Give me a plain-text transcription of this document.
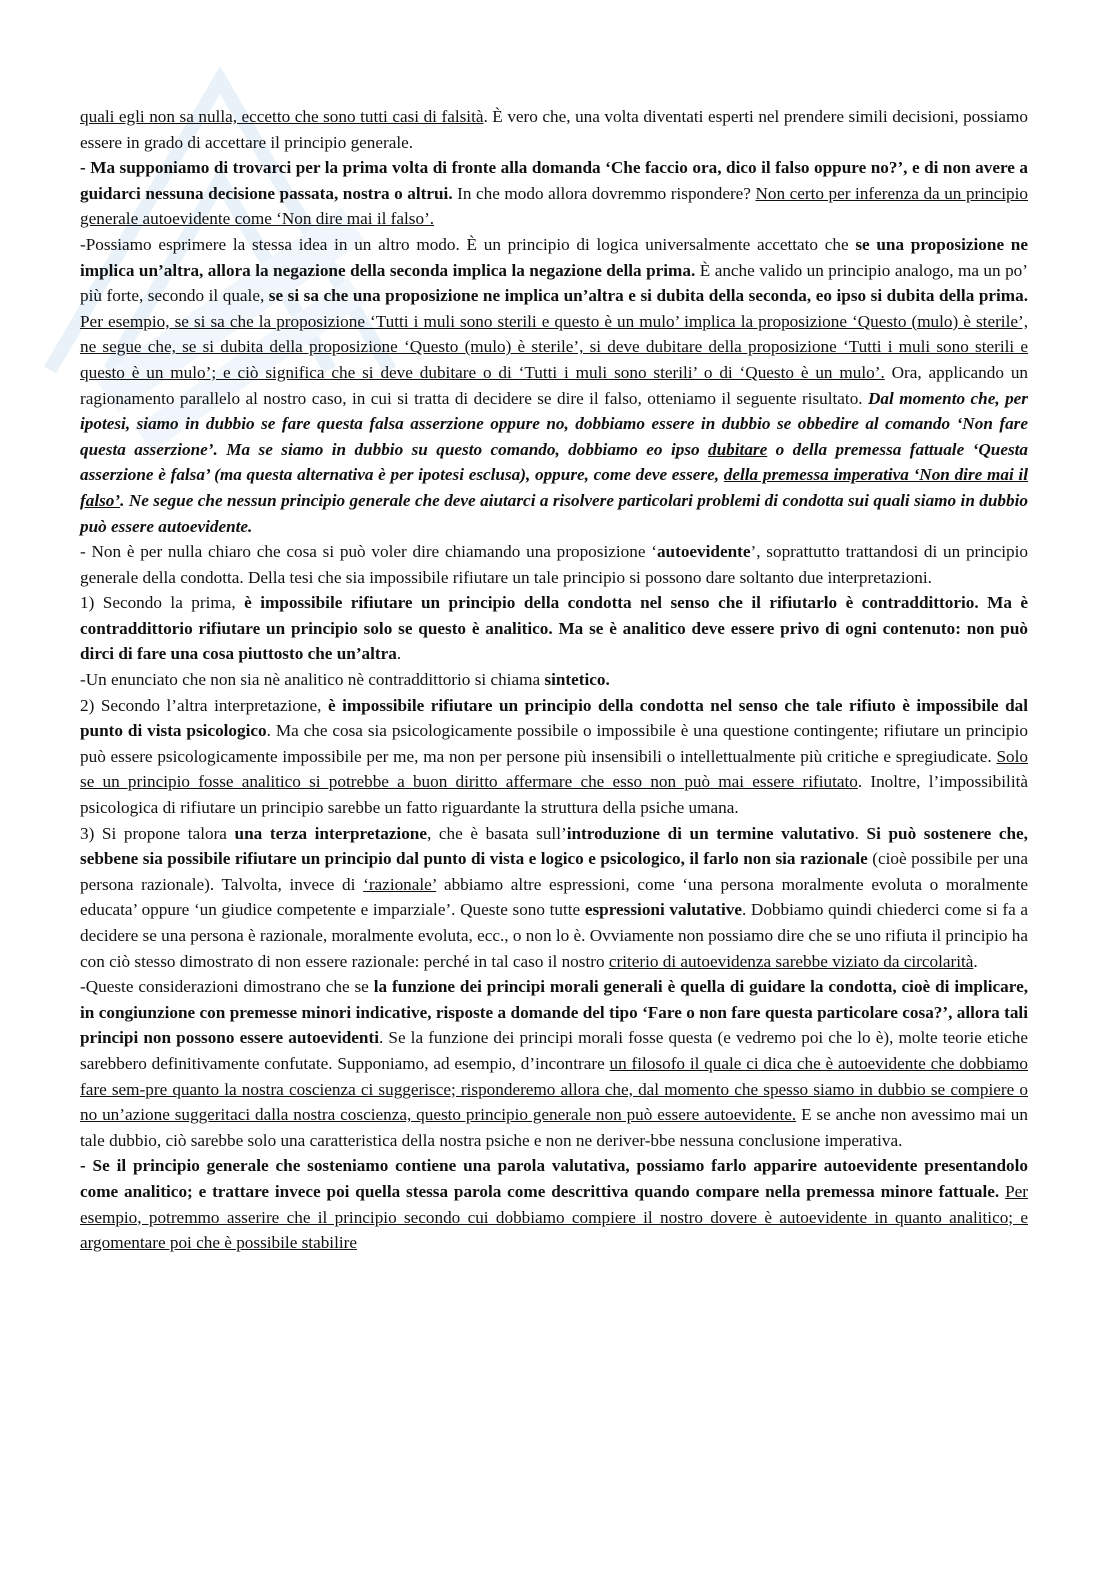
quali egli non sa nulla, eccetto che sono tutti casi di falsità. È vero che, una volta diventati esperti nel prendere simili decisioni, possiamo essere in grado di accettare il principio generale.

- Ma supponiamo di trovarci per la prima volta di fronte alla domanda ‘Che faccio ora, dico il falso oppure no?’, e di non avere a guidarci nessuna decisione passata, nostra o altrui. In che modo allora dovremmo rispondere? Non certo per inferenza da un principio generale autoevidente come ‘Non dire mai il falso’.

-Possiamo esprimere la stessa idea in un altro modo. È un principio di logica universalmente accettato che se una proposizione ne implica un’altra, allora la negazione della seconda implica la negazione della prima. È anche valido un principio analogo, ma un po’ più forte, secondo il quale, se si sa che una proposizione ne implica un’altra e si dubita della seconda, eo ipso si dubita della prima. Per esempio, se si sa che la proposizione ‘Tutti i muli sono sterili e questo è un mulo’ implica la proposizione ‘Questo (mulo) è sterile’, ne segue che, se si dubita della proposizione ‘Questo (mulo) è sterile’, si deve dubitare della proposizione ‘Tutti i muli sono sterili e questo è un mulo’; e ciò significa che si deve dubitare o di ‘Tutti i muli sono sterili’ o di ‘Questo è un mulo’. Ora, applicando un ragionamento parallelo al nostro caso, in cui si tratta di decidere se dire il falso, otteniamo il seguente risultato. Dal momento che, per ipotesi, siamo in dubbio se fare questa falsa asserzione oppure no, dobbiamo essere in dubbio se obbedire al comando ‘Non fare questa asserzione’. Ma se siamo in dubbio su questo comando, dobbiamo eo ipso dubitare o della premessa fattuale ‘Questa asserzione è falsa’ (ma questa alternativa è per ipotesi esclusa), oppure, come deve essere, della premessa imperativa ‘Non dire mai il falso’. Ne segue che nessun principio generale che deve aiutarci a risolvere particolari problemi di condotta sui quali siamo in dubbio può essere autoevidente.

- Non è per nulla chiaro che cosa si può voler dire chiamando una proposizione ‘autoevidente’, soprattutto trattandosi di un principio generale della condotta. Della tesi che sia impossibile rifiutare un tale principio si possono dare soltanto due interpretazioni.

1) Secondo la prima, è impossibile rifiutare un principio della condotta nel senso che il rifiutarlo è contraddittorio. Ma è contraddittorio rifiutare un principio solo se questo è analitico. Ma se è analitico deve essere privo di ogni contenuto: non può dirci di fare una cosa piuttosto che un’altra.

-Un enunciato che non sia nè analitico nè contraddittorio si chiama sintetico.

2) Secondo l’altra interpretazione, è impossibile rifiutare un principio della condotta nel senso che tale rifiuto è impossibile dal punto di vista psicologico. Ma che cosa sia psicologicamente possibile o impossibile è una questione contingente; rifiutare un principio può essere psicologicamente impossibile per me, ma non per persone più insensibili o intellettualmente più critiche e spregiudicate. Solo se un principio fosse analitico si potrebbe a buon diritto affermare che esso non può mai essere rifiutato. Inoltre, l’impossibilità psicologica di rifiutare un principio sarebbe un fatto riguardante la struttura della psiche umana.

3) Si propone talora una terza interpretazione, che è basata sull’introduzione di un termine valutativo. Si può sostenere che, sebbene sia possibile rifiutare un principio dal punto di vista e logico e psicologico, il farlo non sia razionale (cioè possibile per una persona razionale). Talvolta, invece di ‘razionale’ abbiamo altre espressioni, come ‘una persona moralmente evoluta o moralmente educata’ oppure ‘un giudice competente e imparziale’. Queste sono tutte espressioni valutative. Dobbiamo quindi chiederci come si fa a decidere se una persona è razionale, moralmente evoluta, ecc., o non lo è. Ovviamente non possiamo dire che se uno rifiuta il principio ha con ciò stesso dimostrato di non essere razionale: perché in tal caso il nostro criterio di autoevidenza sarebbe viziato da circolarità.

-Queste considerazioni dimostrano che se la funzione dei principi morali generali è quella di guidare la condotta, cioè di implicare, in congiunzione con premesse minori indicative, risposte a domande del tipo ‘Fare o non fare questa particolare cosa?’, allora tali principi non possono essere autoevidenti. Se la funzione dei principi morali fosse questa (e vedremo poi che lo è), molte teorie etiche sarebbero definitivamente confutate. Supponiamo, ad esempio, d’incontrare un filosofo il quale ci dica che è autoevidente che dobbiamo fare sem-pre quanto la nostra coscienza ci suggerisce; risponderemo allora che, dal momento che spesso siamo in dubbio se compiere o no un’azione suggeritaci dalla nostra coscienza, questo principio generale non può essere autoevidente. E se anche non avessimo mai un tale dubbio, ciò sarebbe solo una caratteristica della nostra psiche e non ne deriver-bbe nessuna conclusione imperativa.

- Se il principio generale che sosteniamo contiene una parola valutativa, possiamo farlo apparire autoevidente presentandolo come analitico; e trattare invece poi quella stessa parola come descrittiva quando compare nella premessa minore fattuale. Per esempio, potremmo asserire che il principio secondo cui dobbiamo compiere il nostro dovere è autoevidente in quanto analitico; e argomentare poi che è possibile stabilire
